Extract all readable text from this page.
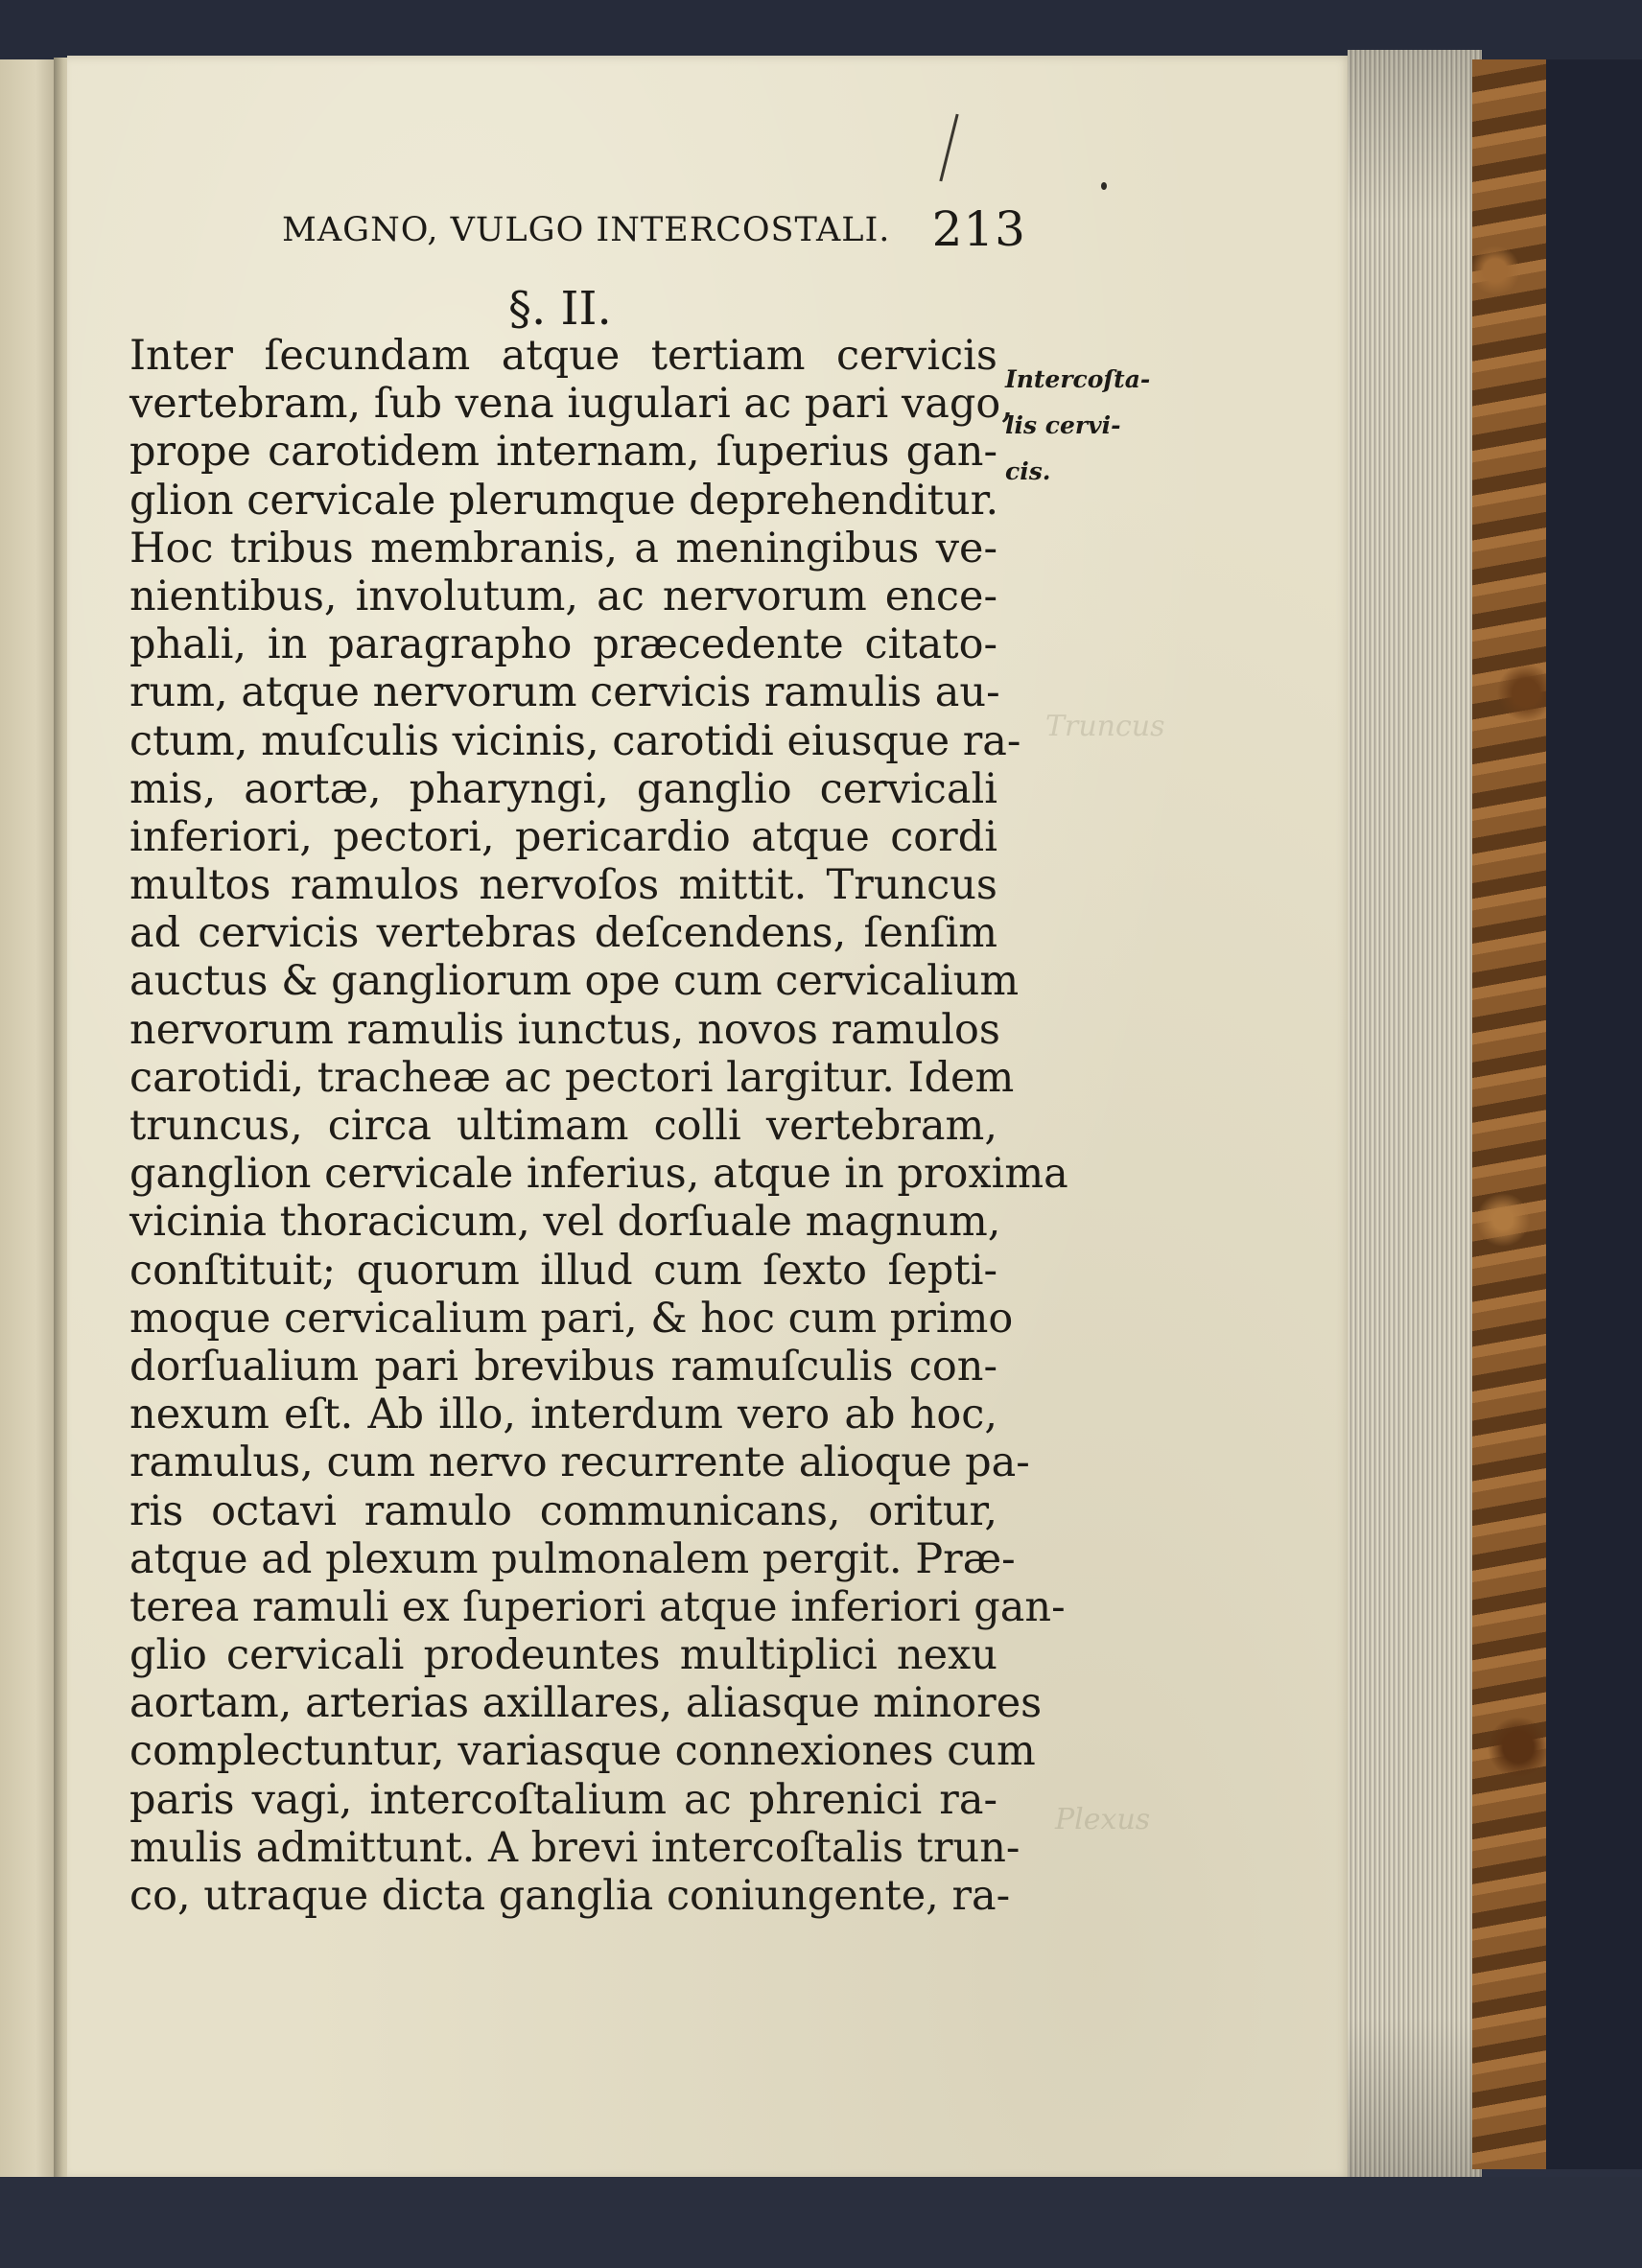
Truncus
Plexus
MAGNO, VULGO INTERCOSTALI. 213
§. II.
Inter ſecundam atque tertiam cervicis
vertebram, ſub vena iugulari ac pari vago,
prope carotidem internam, ſuperius gan-
glion cervicale plerumque deprehenditur.
Hoc tribus membranis, a meningibus ve-
nientibus, involutum, ac nervorum ence-
phali, in paragrapho præcedente citato-
rum, atque nervorum cervicis ramulis au-
ctum, muſculis vicinis, carotidi eiusque ra-
mis, aortæ, pharyngi, ganglio cervicali
inferiori, pectori, pericardio atque cordi
multos ramulos nervoſos mittit. Truncus
ad cervicis vertebras deſcendens, ſenſim
auctus & gangliorum ope cum cervicalium
nervorum ramulis iunctus, novos ramulos
carotidi, tracheæ ac pectori largitur. Idem
truncus, circa ultimam colli vertebram,
ganglion cervicale inferius, atque in proxima
vicinia thoracicum, vel dorſuale magnum,
conſtituit; quorum illud cum ſexto ſepti-
moque cervicalium pari, & hoc cum primo
dorſualium pari brevibus ramuſculis con-
nexum eſt. Ab illo, interdum vero ab hoc,
ramulus, cum nervo recurrente alioque pa-
ris octavi ramulo communicans, oritur,
atque ad plexum pulmonalem pergit. Præ-
terea ramuli ex ſuperiori atque inferiori gan-
glio cervicali prodeuntes multiplici nexu
aortam, arterias axillares, aliasque minores
complectuntur, variasque connexiones cum
paris vagi, intercoſtalium ac phrenici ra-
mulis admittunt. A brevi intercoſtalis trun-
co, utraque dicta ganglia coniungente, ra-
Intercoſta-
lis cervi-
cis.
